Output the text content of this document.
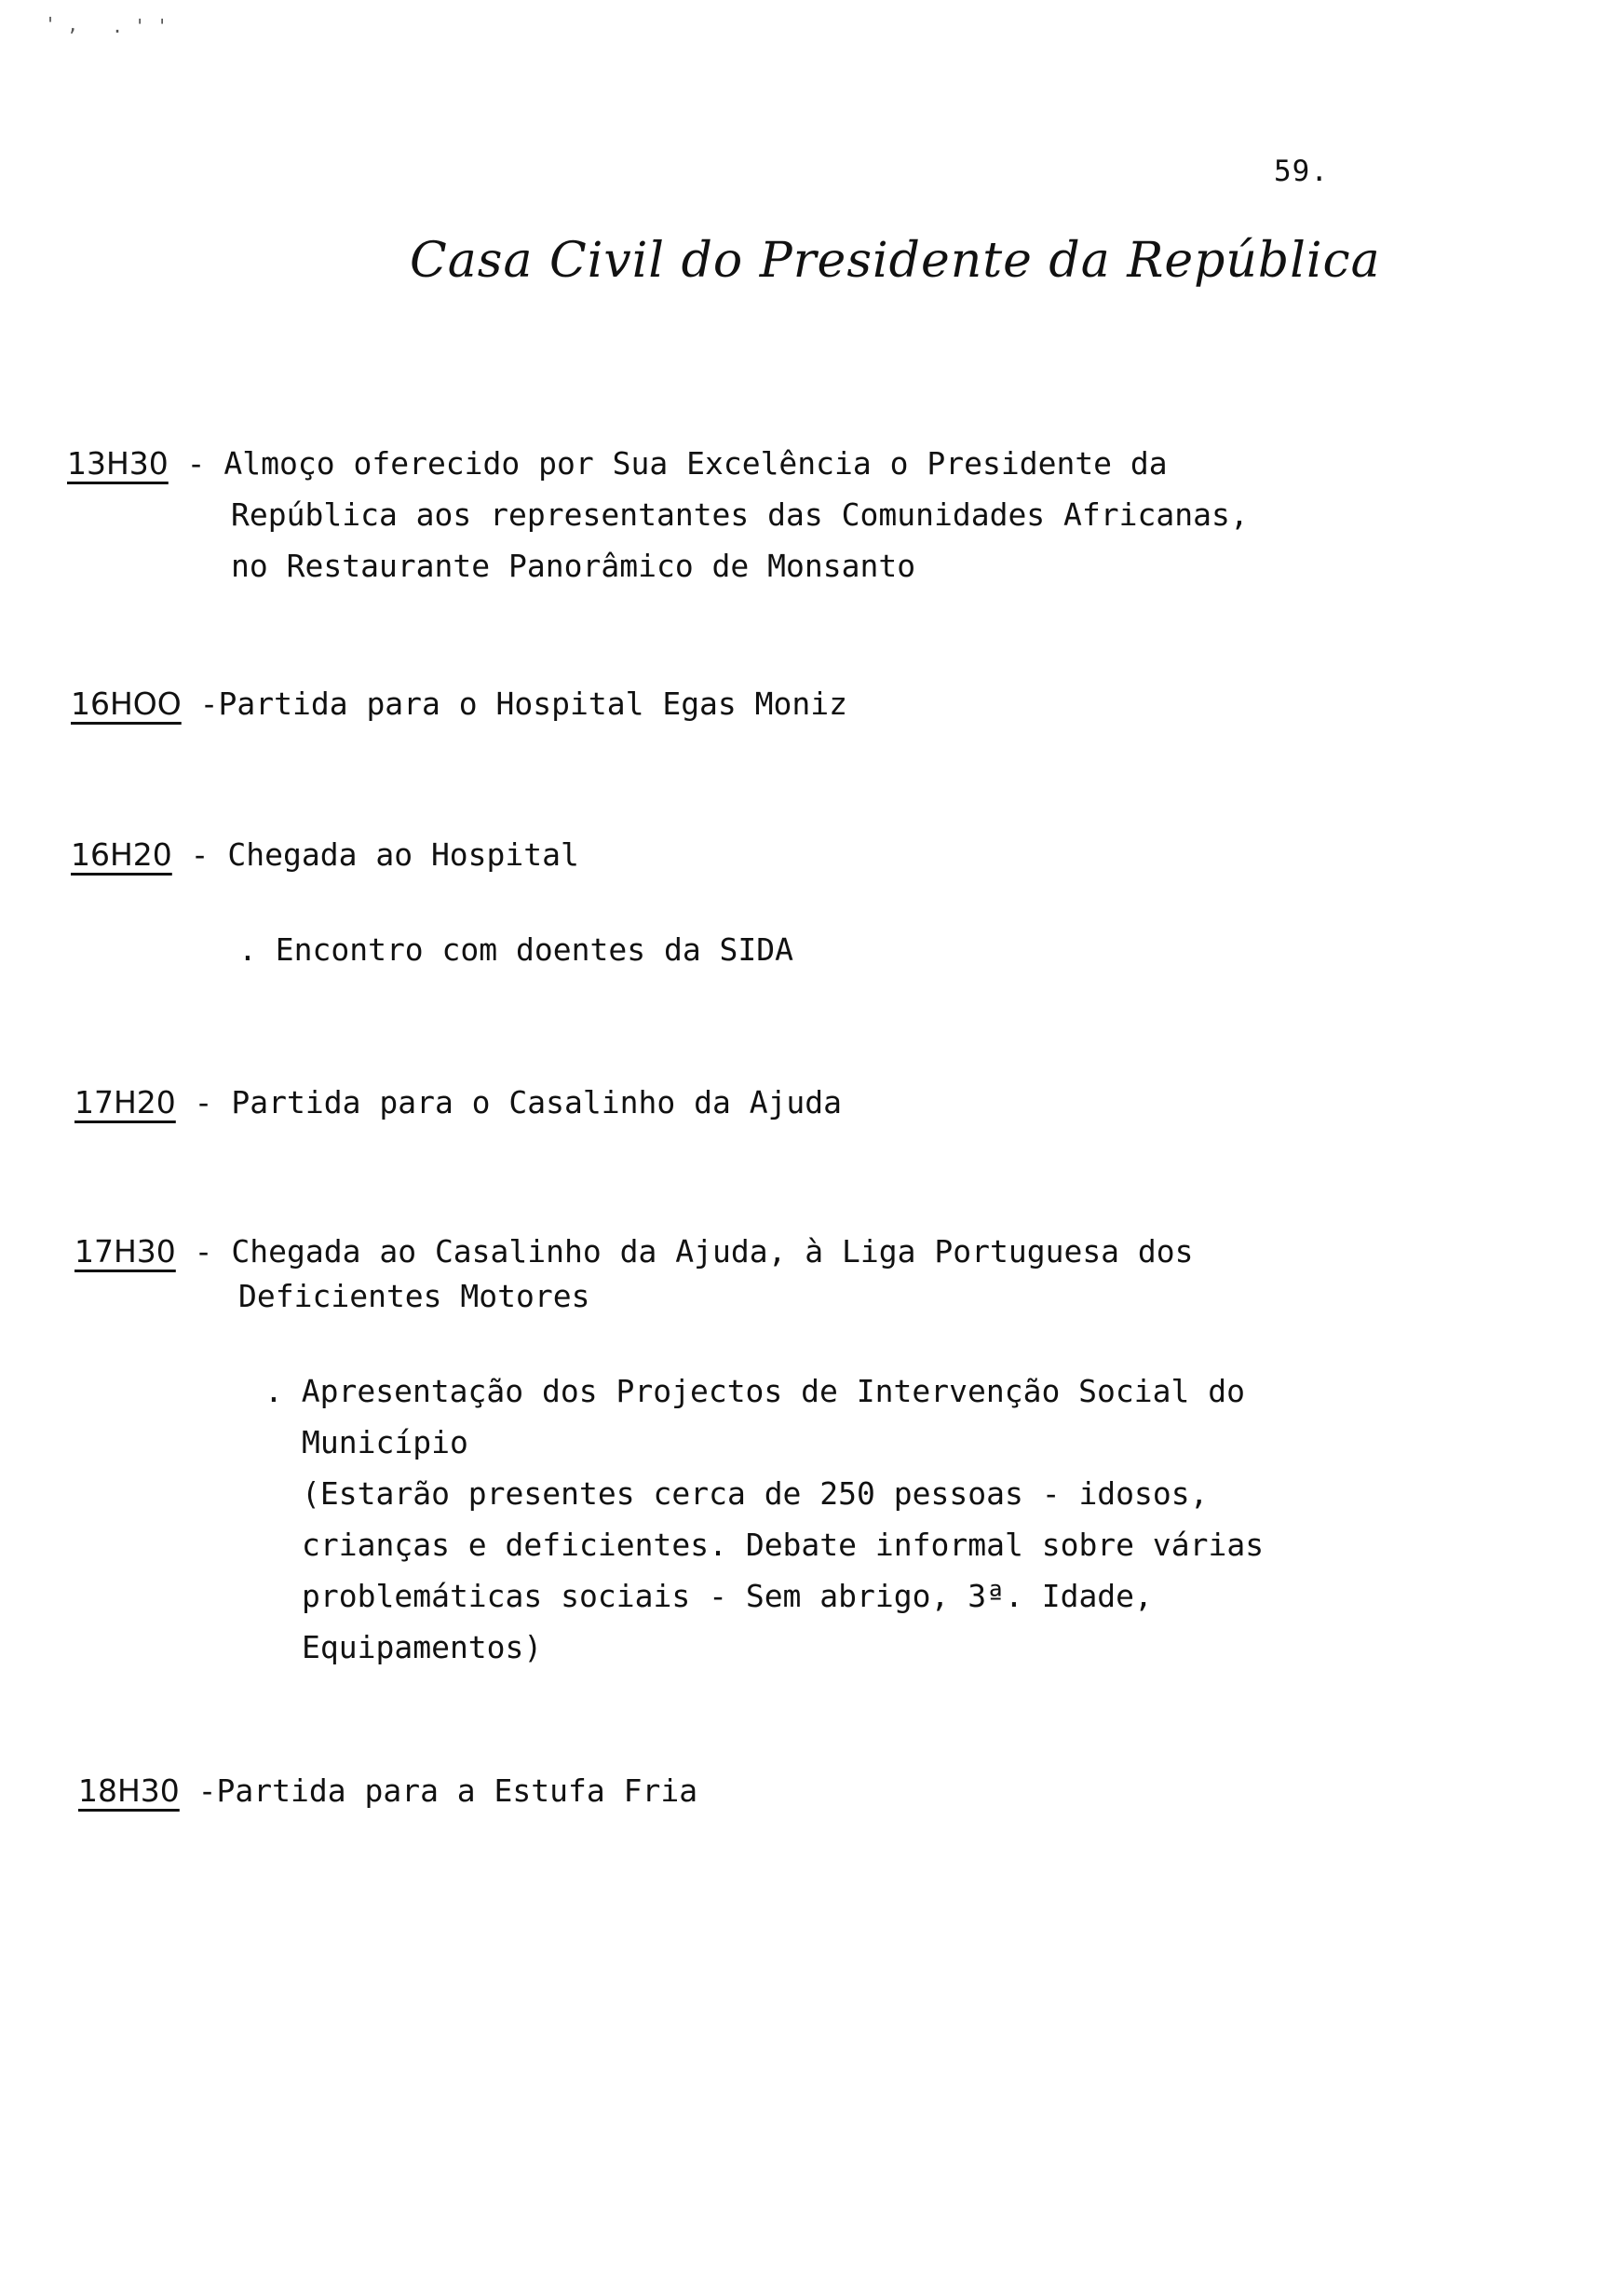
' , . ' '
59.
Casa Civil do Presidente da República
13H30 - Almoço oferecido por Sua Excelência o Presidente da
República aos representantes das Comunidades Africanas,
no Restaurante Panorâmico de Monsanto
16HOO -Partida para o Hospital Egas Moniz
16H20 - Chegada ao Hospital
. Encontro com doentes da SIDA
17H20 - Partida para o Casalinho da Ajuda
17H30 - Chegada ao Casalinho da Ajuda, à Liga Portuguesa dos
Deficientes Motores
. Apresentação dos Projectos de Intervenção Social do
Município
(Estarão presentes cerca de 250 pessoas - idosos,
crianças e deficientes. Debate informal sobre várias
problemáticas sociais - Sem abrigo, 3ª. Idade,
Equipamentos)
18H30 -Partida para a Estufa Fria
